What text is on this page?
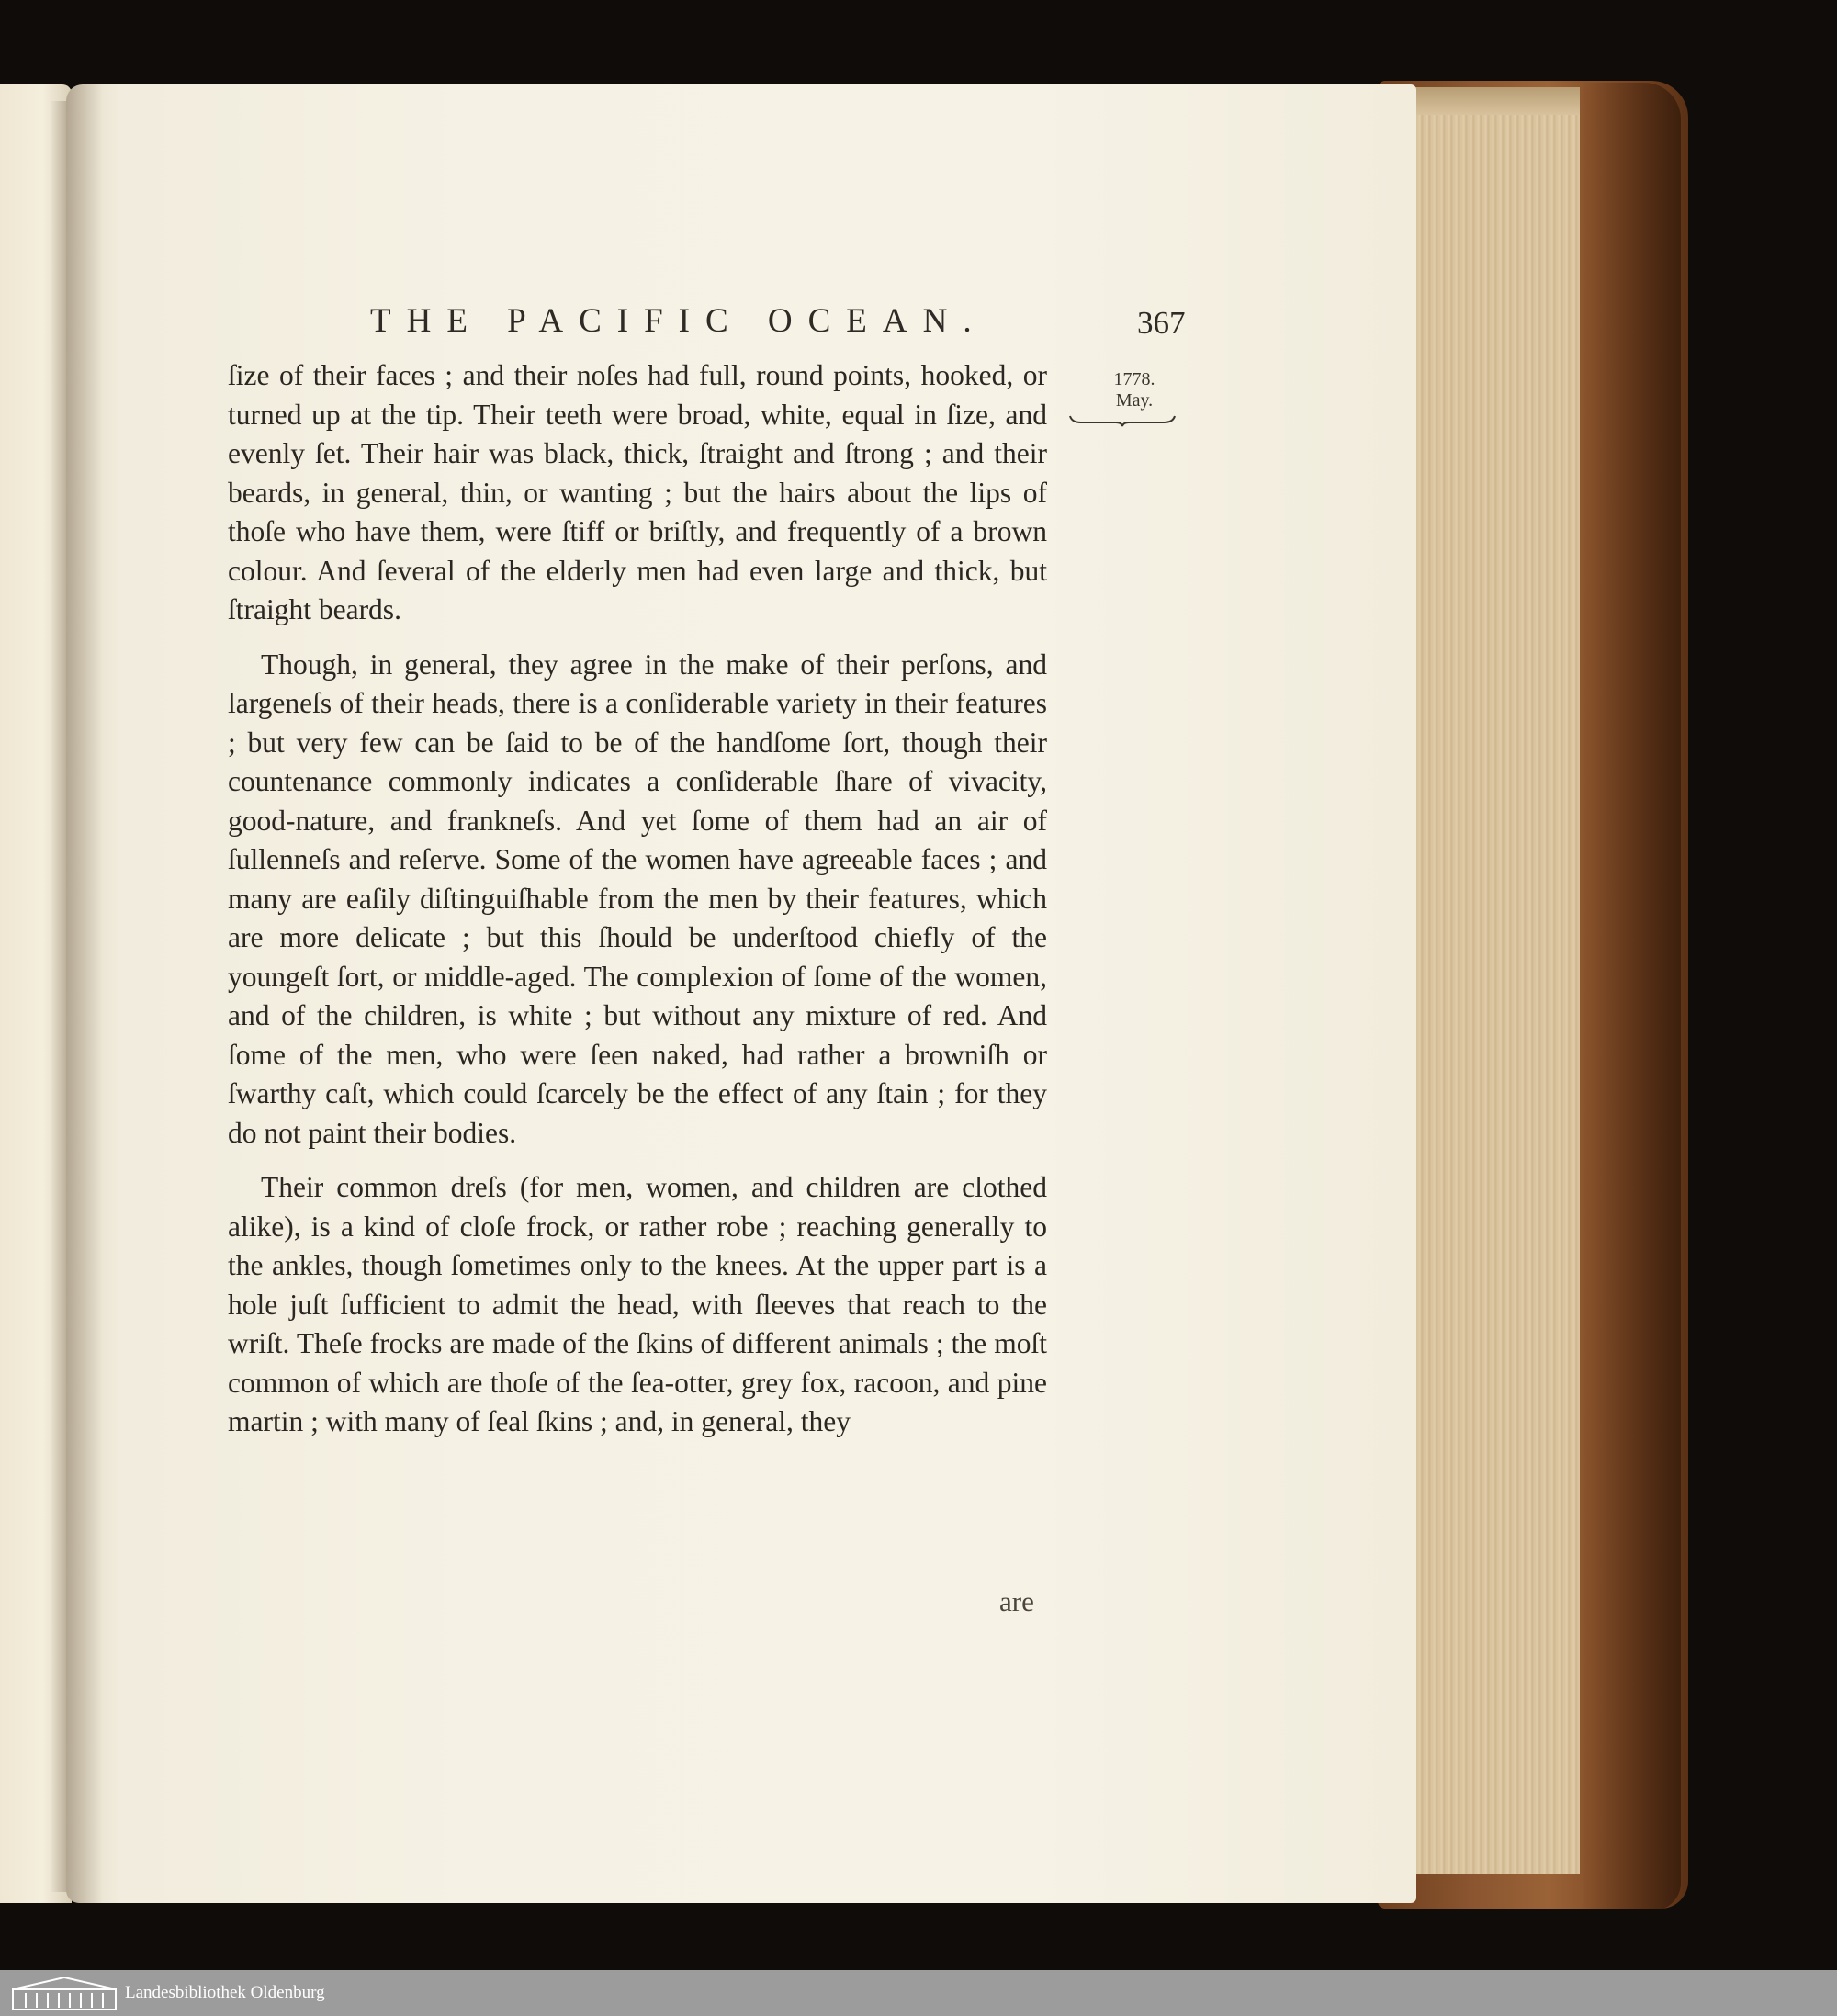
THE PACIFIC OCEAN.	367
1778.
May.

ſize of their faces ; and their noſes had full, round points, hooked, or turned up at the tip. Their teeth were broad, white, equal in ſize, and evenly ſet. Their hair was black, thick, ſtraight and ſtrong ; and their beards, in general, thin, or wanting ; but the hairs about the lips of thoſe who have them, were ſtiff or briſtly, and frequently of a brown colour. And ſeveral of the elderly men had even large and thick, but ſtraight beards.

Though, in general, they agree in the make of their perſons, and largeneſs of their heads, there is a conſiderable variety in their features ; but very few can be ſaid to be of the handſome ſort, though their countenance commonly indicates a conſiderable ſhare of vivacity, good-nature, and frankneſs. And yet ſome of them had an air of ſullenneſs and reſerve. Some of the women have agreeable faces ; and many are eaſily diſtinguiſhable from the men by their features, which are more delicate ; but this ſhould be underſtood chiefly of the youngeſt ſort, or middle-aged. The complexion of ſome of the women, and of the children, is white ; but without any mixture of red. And ſome of the men, who were ſeen naked, had rather a browniſh or ſwarthy caſt, which could ſcarcely be the effect of any ſtain ; for they do not paint their bodies.

Their common dreſs (for men, women, and children are clothed alike), is a kind of cloſe frock, or rather robe ; reaching generally to the ankles, though ſometimes only to the knees. At the upper part is a hole juſt ſufficient to admit the head, with ſleeves that reach to the wriſt. Theſe frocks are made of the ſkins of different animals ; the moſt common of which are thoſe of the ſea-otter, grey fox, racoon, and pine martin ; with many of ſeal ſkins ; and, in general, they

are
Landesbibliothek Oldenburg
